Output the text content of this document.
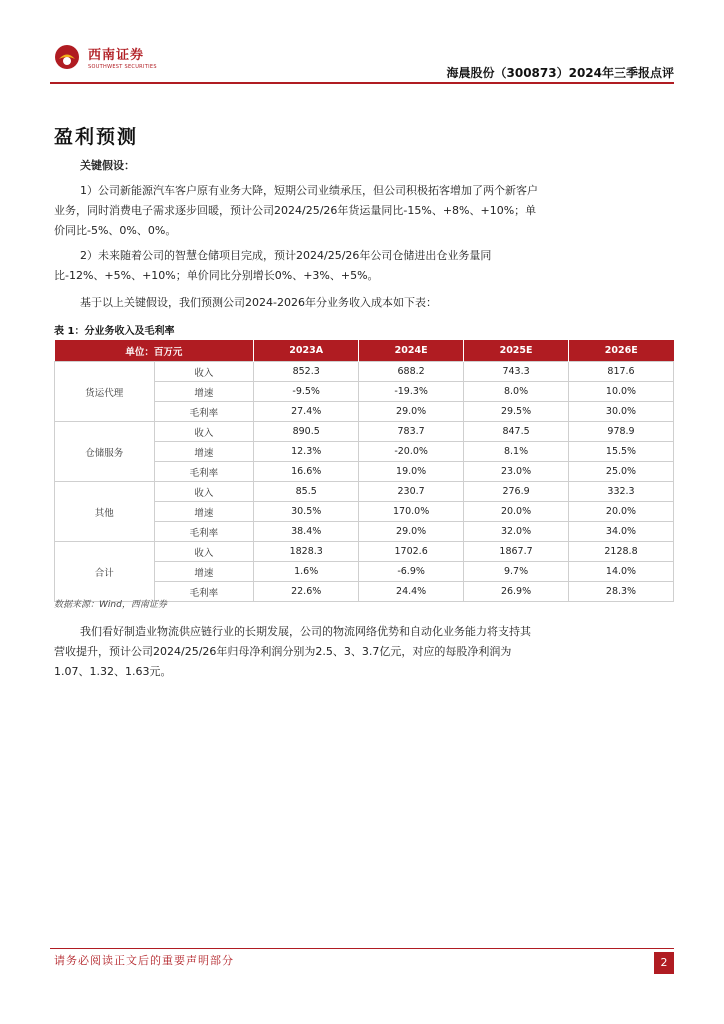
西南证券
SOUTHWEST SECURITIES	海晨股份（300873）2024年三季报点评
盈利预测
关键假设：
1）公司新能源汽车客户原有业务大降，短期公司业绩承压，但公司积极拓客增加了两个新客户业务，同时消费电子需求逐步回暖，预计公司2024/25/26年货运量同比-15%、+8%、+10%；单价同比-5%、0%、0%。
2）未来随着公司的智慧仓储项目完成，预计2024/25/26年公司仓储进出仓业务量同比-12%、+5%、+10%；单价同比分别增长0%、+3%、+5%。
基于以上关键假设，我们预测公司2024-2026年分业务收入成本如下表：
表 1：分业务收入及毛利率
单位：百万元		2023A	2024E	2025E	2026E
货运代理	收入	852.3	688.2	743.3	817.6
	增速	-9.5%	-19.3%	8.0%	10.0%
	毛利率	27.4%	29.0%	29.5%	30.0%
仓储服务	收入	890.5	783.7	847.5	978.9
	增速	12.3%	-20.0%	8.1%	15.5%
	毛利率	16.6%	19.0%	23.0%	25.0%
其他	收入	85.5	230.7	276.9	332.3
	增速	30.5%	170.0%	20.0%	20.0%
	毛利率	38.4%	29.0%	32.0%	34.0%
合计	收入	1828.3	1702.6	1867.7	2128.8
	增速	1.6%	-6.9%	9.7%	14.0%
	毛利率	22.6%	24.4%	26.9%	28.3%
数据来源：Wind，西南证券
我们看好制造业物流供应链行业的长期发展，公司的物流网络优势和自动化业务能力将支持其营收提升，预计公司2024/25/26年归母净利润分别为2.5、3、3.7亿元，对应的每股净利润为1.07、1.32、1.63元。
请务必阅读正文后的重要声明部分	2
